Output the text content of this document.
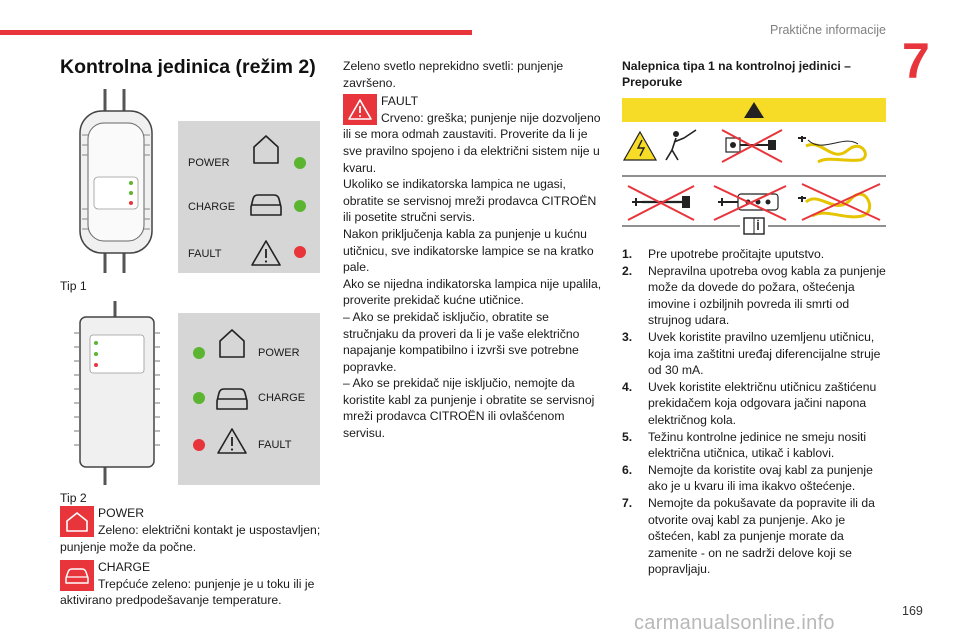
Praktične informacije
7
Kontrolna jedinica (režim 2)
POWER
CHARGE
FAULT
Tip 1
POWER
CHARGE
FAULT
Tip 2
POWER
Zeleno: električni kontakt je uspostavljen; punjenje može da počne.
CHARGE
Trepćuće zeleno: punjenje je u toku ili je aktivirano predpodešavanje temperature.
Zeleno svetlo neprekidno svetli: punjenje završeno.
FAULT
Crveno: greška; punjenje nije dozvoljeno ili se mora odmah zaustaviti. Proverite da li je sve pravilno spojeno i da električni sistem nije u kvaru.

Ukoliko se indikatorska lampica ne ugasi, obratite se servisnoj mreži prodavca CITROËN ili posetite stručni servis.

Nakon priključenja kabla za punjenje u kućnu utičnicu, sve indikatorske lampice se na kratko pale.

Ako se nijedna indikatorska lampica nije upalila, proverite prekidač kućne utičnice.

– Ako se prekidač isključio, obratite se stručnjaku da proveri da li je vaše električno napajanje kompatibilno i izvrši sve potrebne popravke.

– Ako se prekidač nije isključio, nemojte da koristite kabl za punjenje i obratite se servisnoj mreži prodavca CITROËN ili ovlašćenom servisu.

Nalepnica tipa 1 na kontrolnoj jedinici – Preporuke
1. Pre upotrebe pročitajte uputstvo.
2. Nepravilna upotreba ovog kabla za punjenje može da dovede do požara, oštećenja imovine i ozbiljnih povreda ili smrti od strujnog udara.
3. Uvek koristite pravilno uzemljenu utičnicu, koja ima zaštitni uređaj diferencijalne struje od 30 mA.
4. Uvek koristite električnu utičnicu zaštićenu prekidačem koja odgovara jačini napona električnog kola.
5. Težinu kontrolne jedinice ne smeju nositi električna utičnica, utikač i kablovi.
6. Nemojte da koristite ovaj kabl za punjenje ako je u kvaru ili ima ikakvo oštećenje.
7. Nemojte da pokušavate da popravite ili da otvorite ovaj kabl za punjenje. Ako je oštećen, kabl za punjenje morate da zamenite - on ne sadrži delove koji se popravljaju.
169
carmanualsonline.info
